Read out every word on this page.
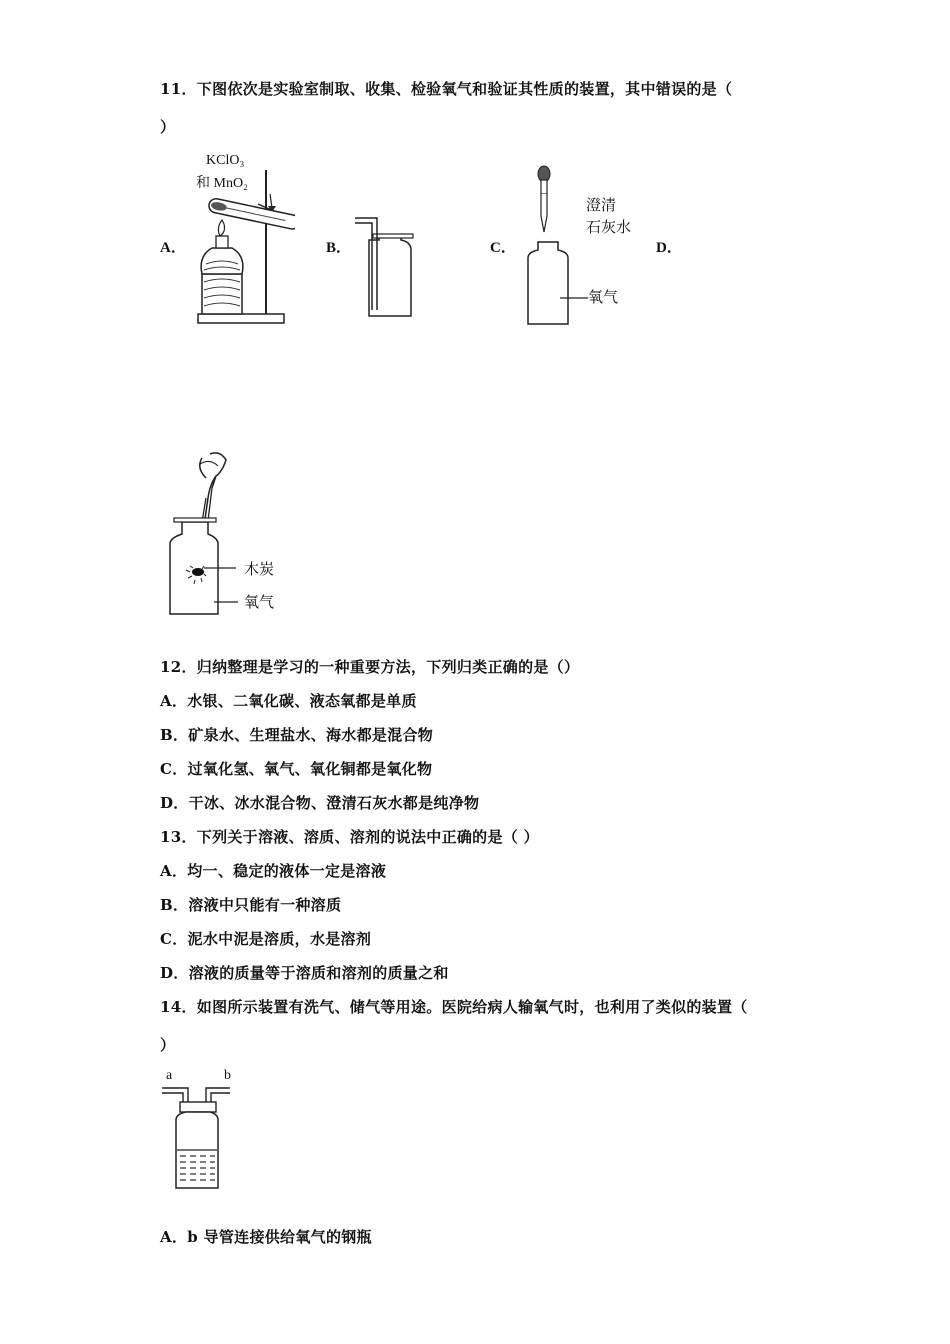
11．下图依次是实验室制取、收集、检验氧气和验证其性质的装置，其中错误的是（
）
A．	B．	C．	D．
KClO₃
和 MnO₂
澄清
石灰水
氧气
木炭
氧气
12．归纳整理是学习的一种重要方法，下列归类正确的是（）
A．水银、二氧化碳、液态氧都是单质
B．矿泉水、生理盐水、海水都是混合物
C．过氧化氢、氧气、氧化铜都是氧化物
D．干冰、冰水混合物、澄清石灰水都是纯净物
13．下列关于溶液、溶质、溶剂的说法中正确的是（ ）
A．均一、稳定的液体一定是溶液
B．溶液中只能有一种溶质
C．泥水中泥是溶质，水是溶剂
D．溶液的质量等于溶质和溶剂的质量之和
14．如图所示装置有洗气、储气等用途。医院给病人输氧气时，也利用了类似的装置（
）
a	b
A．b 导管连接供给氧气的钢瓶
